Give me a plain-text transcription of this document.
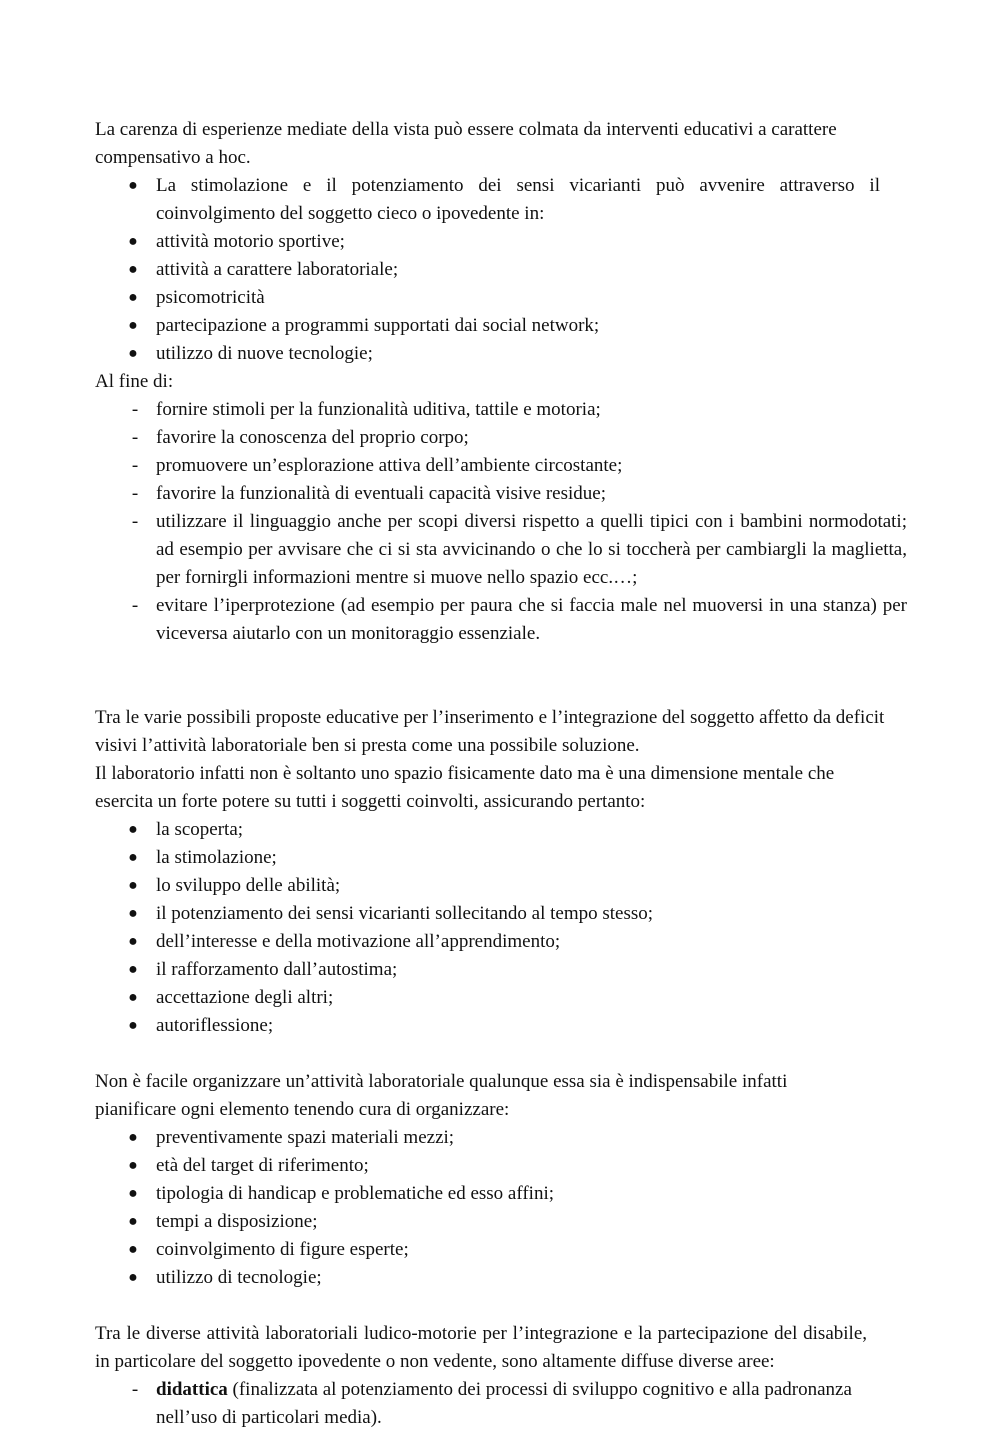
La carenza di esperienze mediate della vista può essere colmata da interventi educativi a carattere compensativo a hoc.

● La stimolazione e il potenziamento dei sensi vicarianti può avvenire attraverso il coinvolgimento del soggetto cieco o ipovedente in:
● attività motorio sportive;
● attività a carattere laboratoriale;
● psicomotricità
● partecipazione a programmi supportati dai social network;
● utilizzo di nuove tecnologie;

Al fine di:

- fornire stimoli per la funzionalità uditiva, tattile e motoria;
- favorire la conoscenza del proprio corpo;
- promuovere un’esplorazione attiva dell’ambiente circostante;
- favorire la funzionalità di eventuali capacità visive residue;
- utilizzare il linguaggio anche per scopi diversi rispetto a quelli tipici con i bambini normodotati; ad esempio per avvisare che ci si sta avvicinando o che lo si toccherà per cambiargli la maglietta, per fornirgli informazioni mentre si muove nello spazio ecc.…;
- evitare l’iperprotezione (ad esempio per paura che si faccia male nel muoversi in una stanza) per viceversa aiutarlo con un monitoraggio essenziale.

Tra le varie possibili proposte educative per l’inserimento e l’integrazione del soggetto affetto da deficit visivi l’attività laboratoriale ben si presta come una possibile soluzione.

Il laboratorio infatti non è soltanto uno spazio fisicamente dato ma è una dimensione mentale che esercita un forte potere su tutti i soggetti coinvolti, assicurando pertanto:

● la scoperta;
● la stimolazione;
● lo sviluppo delle abilità;
● il potenziamento dei sensi vicarianti sollecitando al tempo stesso;
● dell’interesse e della motivazione all’apprendimento;
● il rafforzamento dall’autostima;
● accettazione degli altri;
● autoriflessione;

Non è facile organizzare un’attività laboratoriale qualunque essa sia è indispensabile infatti pianificare ogni elemento tenendo cura di organizzare:

● preventivamente spazi materiali mezzi;
● età del target di riferimento;
● tipologia di handicap e problematiche ed esso affini;
● tempi a disposizione;
● coinvolgimento di figure esperte;
● utilizzo di tecnologie;

Tra le diverse attività laboratoriali ludico-motorie per l’integrazione e la partecipazione del disabile, in particolare del soggetto ipovedente o non vedente, sono altamente diffuse diverse aree:

- didattica (finalizzata al potenziamento dei processi di sviluppo cognitivo e alla padronanza nell’uso di particolari media).
